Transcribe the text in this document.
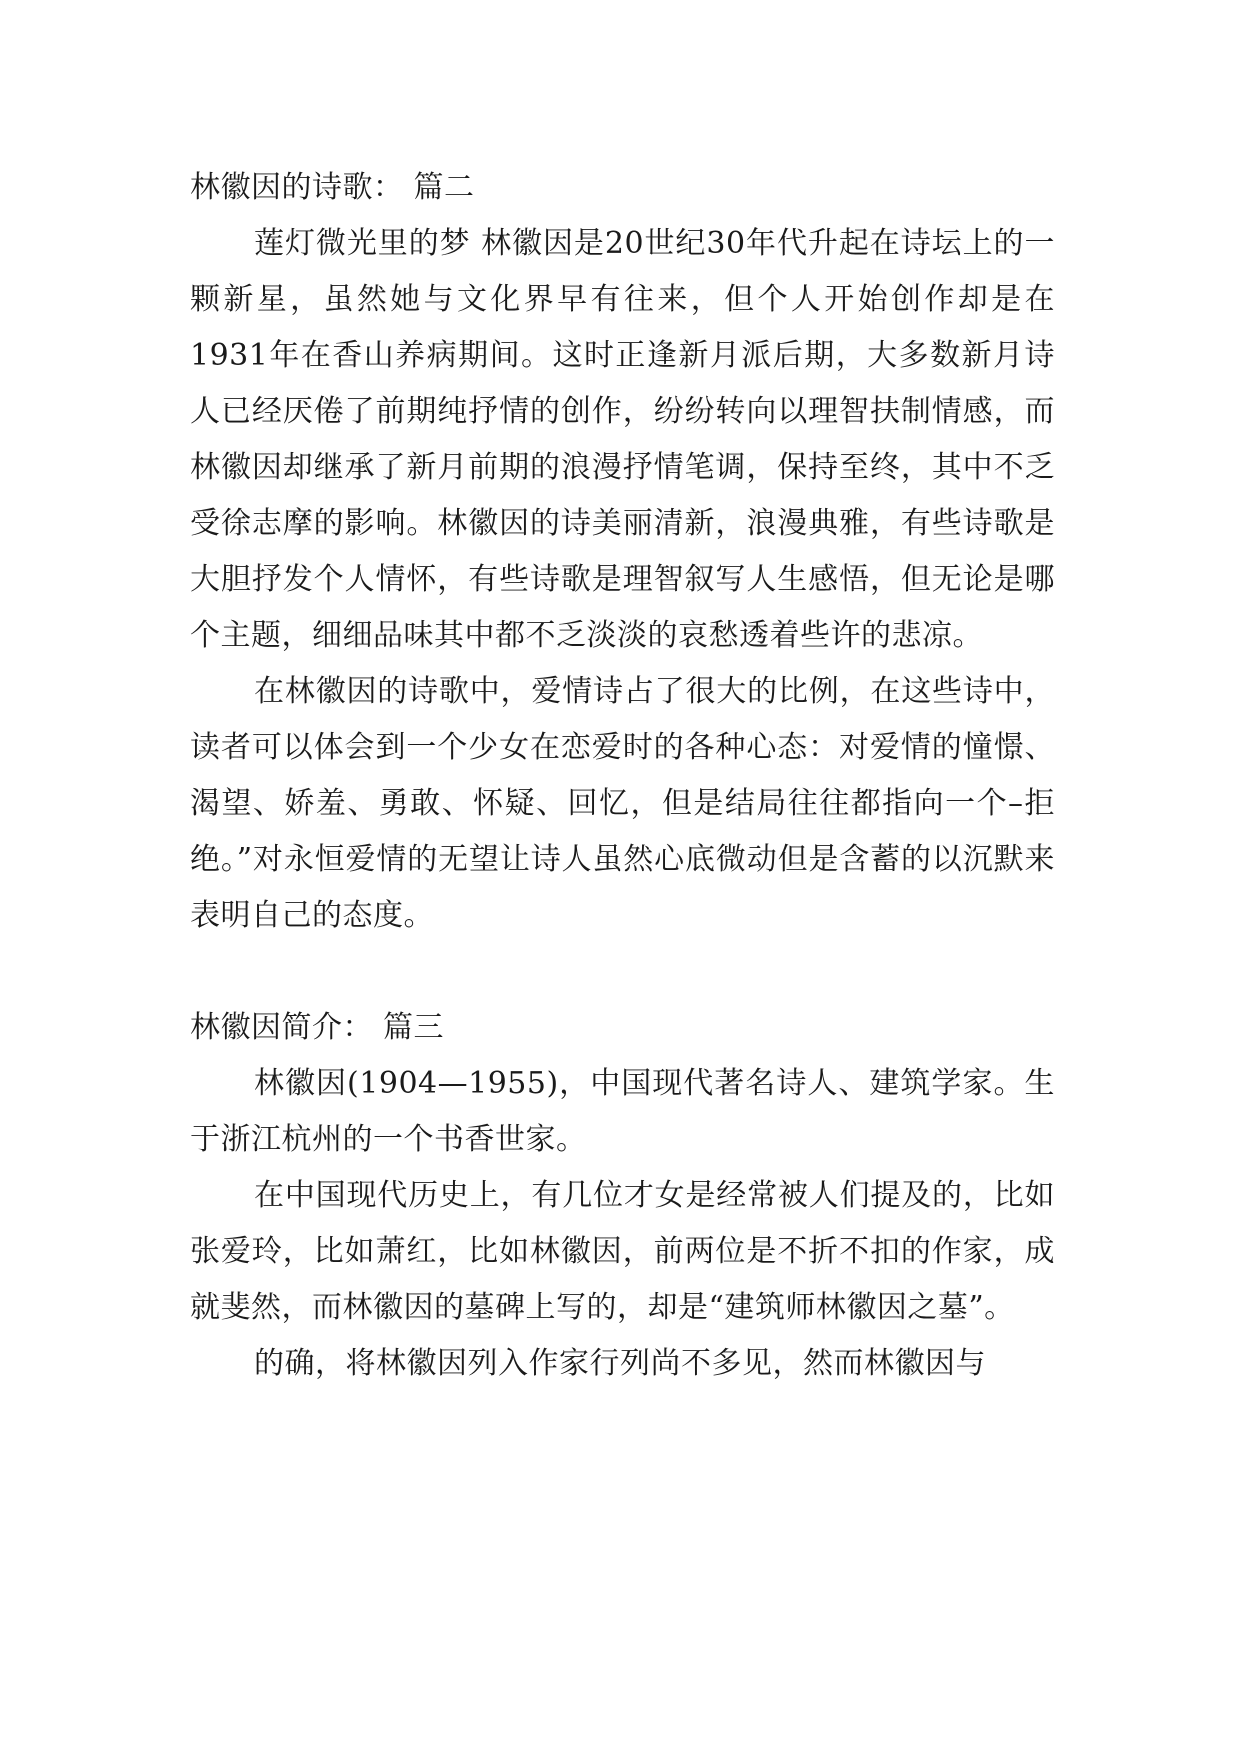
林徽因的诗歌： 篇二

莲灯微光里的梦 林徽因是20世纪30年代升起在诗坛上的一颗新星，虽然她与文化界早有往来，但个人开始创作却是在1931年在香山养病期间。这时正逢新月派后期，大多数新月诗人已经厌倦了前期纯抒情的创作，纷纷转向以理智扶制情感，而林徽因却继承了新月前期的浪漫抒情笔调，保持至终，其中不乏受徐志摩的影响。林徽因的诗美丽清新，浪漫典雅，有些诗歌是大胆抒发个人情怀，有些诗歌是理智叙写人生感悟，但无论是哪个主题，细细品味其中都不乏淡淡的哀愁透着些许的悲凉。

在林徽因的诗歌中，爱情诗占了很大的比例，在这些诗中，读者可以体会到一个少女在恋爱时的各种心态：对爱情的憧憬、渴望、娇羞、勇敢、怀疑、回忆，但是结局往往都指向一个–拒绝。”对永恒爱情的无望让诗人虽然心底微动但是含蓄的以沉默来表明自己的态度。

林徽因简介： 篇三

林徽因(1904—1955)，中国现代著名诗人、建筑学家。生于浙江杭州的一个书香世家。

在中国现代历史上，有几位才女是经常被人们提及的，比如张爱玲，比如萧红，比如林徽因，前两位是不折不扣的作家，成就斐然，而林徽因的墓碑上写的，却是“建筑师林徽因之墓”。

的确，将林徽因列入作家行列尚不多见，然而林徽因与
